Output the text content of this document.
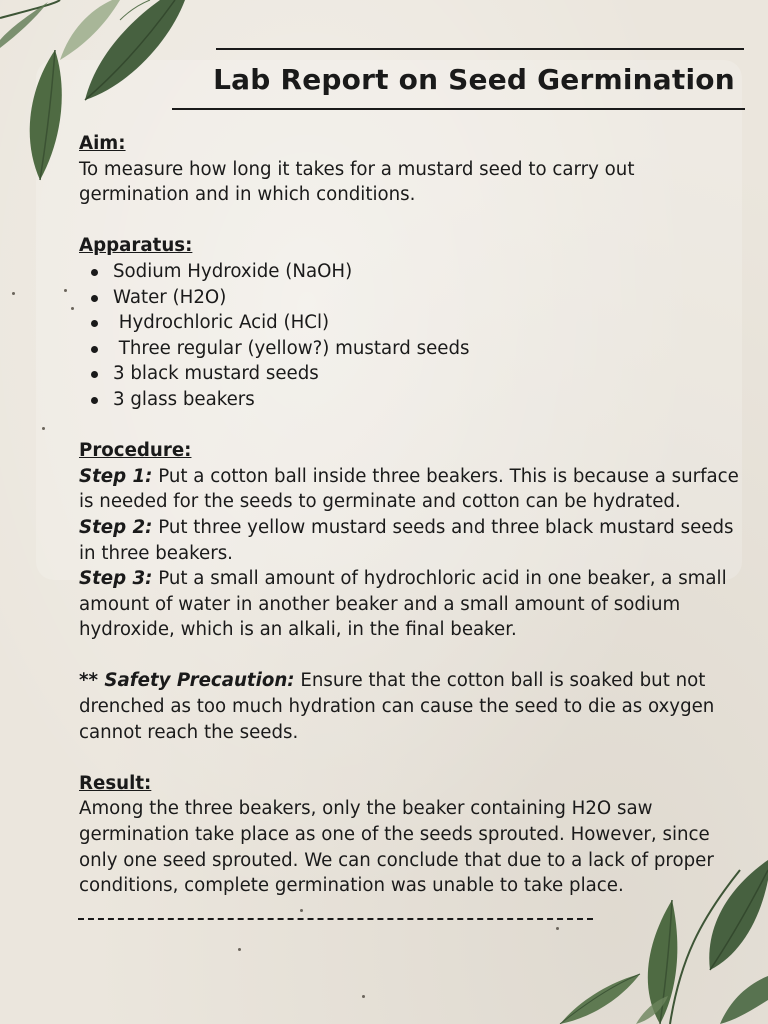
Lab Report on Seed Germination
Aim:
To measure how long it takes for a mustard seed to carry out germination and in which conditions.
Apparatus:
Sodium Hydroxide (NaOH)
Water (H2O)
Hydrochloric Acid (HCl)
Three regular (yellow?) mustard seeds
3 black mustard seeds
3 glass beakers
Procedure:
Step 1: Put a cotton ball inside three beakers. This is because a surface is needed for the seeds to germinate and cotton can be hydrated.
Step 2: Put three yellow mustard seeds and three black mustard seeds in three beakers.
Step 3: Put a small amount of hydrochloric acid in one beaker, a small amount of water in another beaker and a small amount of sodium hydroxide, which is an alkali, in the final beaker.
** Safety Precaution: Ensure that the cotton ball is soaked but not drenched as too much hydration can cause the seed to die as oxygen cannot reach the seeds.
Result:
Among the three beakers, only the beaker containing H2O saw germination take place as one of the seeds sprouted. However, since only one seed sprouted. We can conclude that due to a lack of proper conditions, complete germination was unable to take place.
